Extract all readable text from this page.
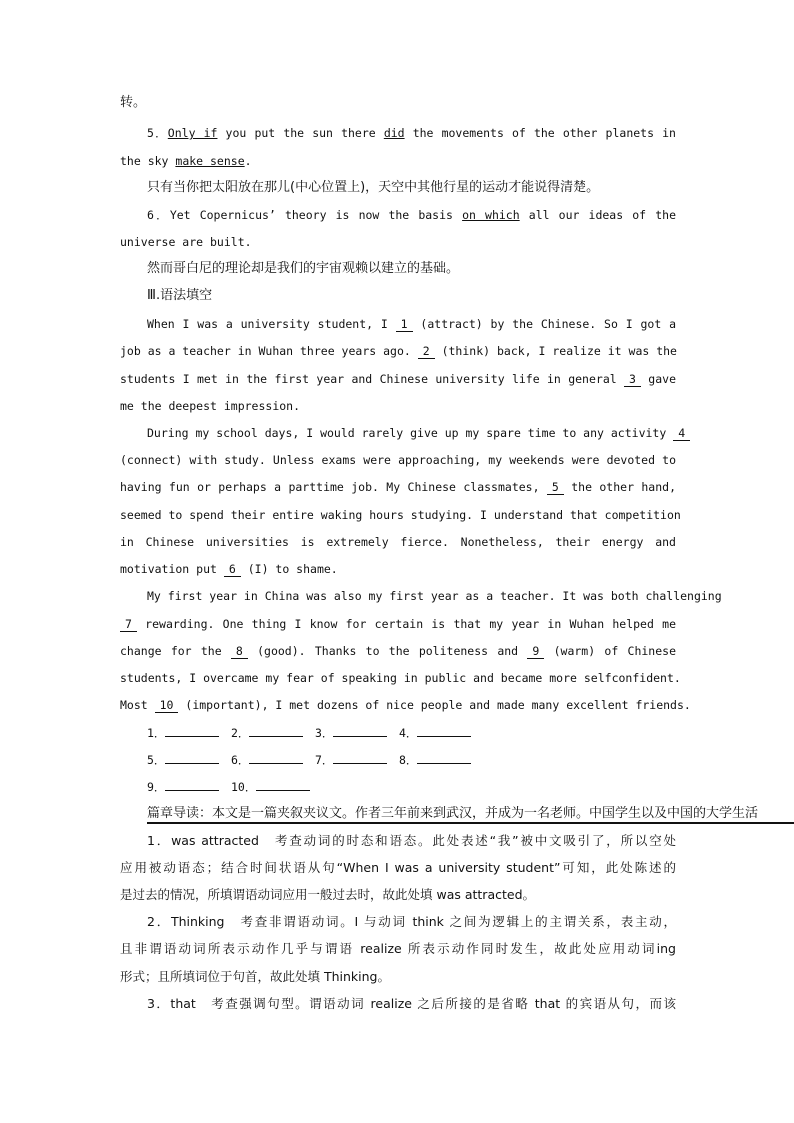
转。
5．Only if you put the sun there did the movements of the other planets in
the sky make sense.
只有当你把太阳放在那儿(中心位置上)，天空中其他行星的运动才能说得清楚。
6．Yet Copernicus’ theory is now the basis on which all our ideas of the
universe are built.
然而哥白尼的理论却是我们的宇宙观赖以建立的基础。
Ⅲ.语法填空
When I was a university student, I 1 (attract) by the Chinese. So I got a
job as a teacher in Wuhan three years ago. 2 (think) back, I realize it was the
students I met in the first year and Chinese university life in general 3 gave
me the deepest impression.
During my school days, I would rarely give up my spare time to any activity 4
(connect) with study. Unless exams were approaching, my weekends were devoted to
having fun or perhaps a parttime job. My Chinese classmates, 5 the other hand,
seemed to spend their entire waking hours studying. I understand that competition
in Chinese universities is extremely fierce. Nonetheless, their energy and
motivation put 6 (I) to shame.
My first year in China was also my first year as a teacher. It was both challenging
7 rewarding. One thing I know for certain is that my year in Wuhan helped me
change for the 8 (good). Thanks to the politeness and 9 (warm) of Chinese
students, I overcame my fear of speaking in public and became more selfconfident.
Most 10 (important), I met dozens of nice people and made many excellent friends.
1．	2．	3．	4．
5．	6．	7．	8．
9．	10．
篇章导读：本文是一篇夹叙夹议文。作者三年前来到武汉，并成为一名老师。中国学生以及中国的大学生活
1．was attracted　考查动词的时态和语态。此处表述“我”被中文吸引了，所以空处
应用被动语态；结合时间状语从句“When I was a university student”可知，此处陈述的
是过去的情况，所填谓语动词应用一般过去时，故此处填 was attracted。
2．Thinking　考查非谓语动词。I 与动词 think 之间为逻辑上的主谓关系，表主动，
且非谓语动词所表示动作几乎与谓语 realize 所表示动作同时发生，故此处应用动词ing
形式；且所填词位于句首，故此处填 Thinking。
3．that　考查强调句型。谓语动词 realize 之后所接的是省略 that 的宾语从句，而该
